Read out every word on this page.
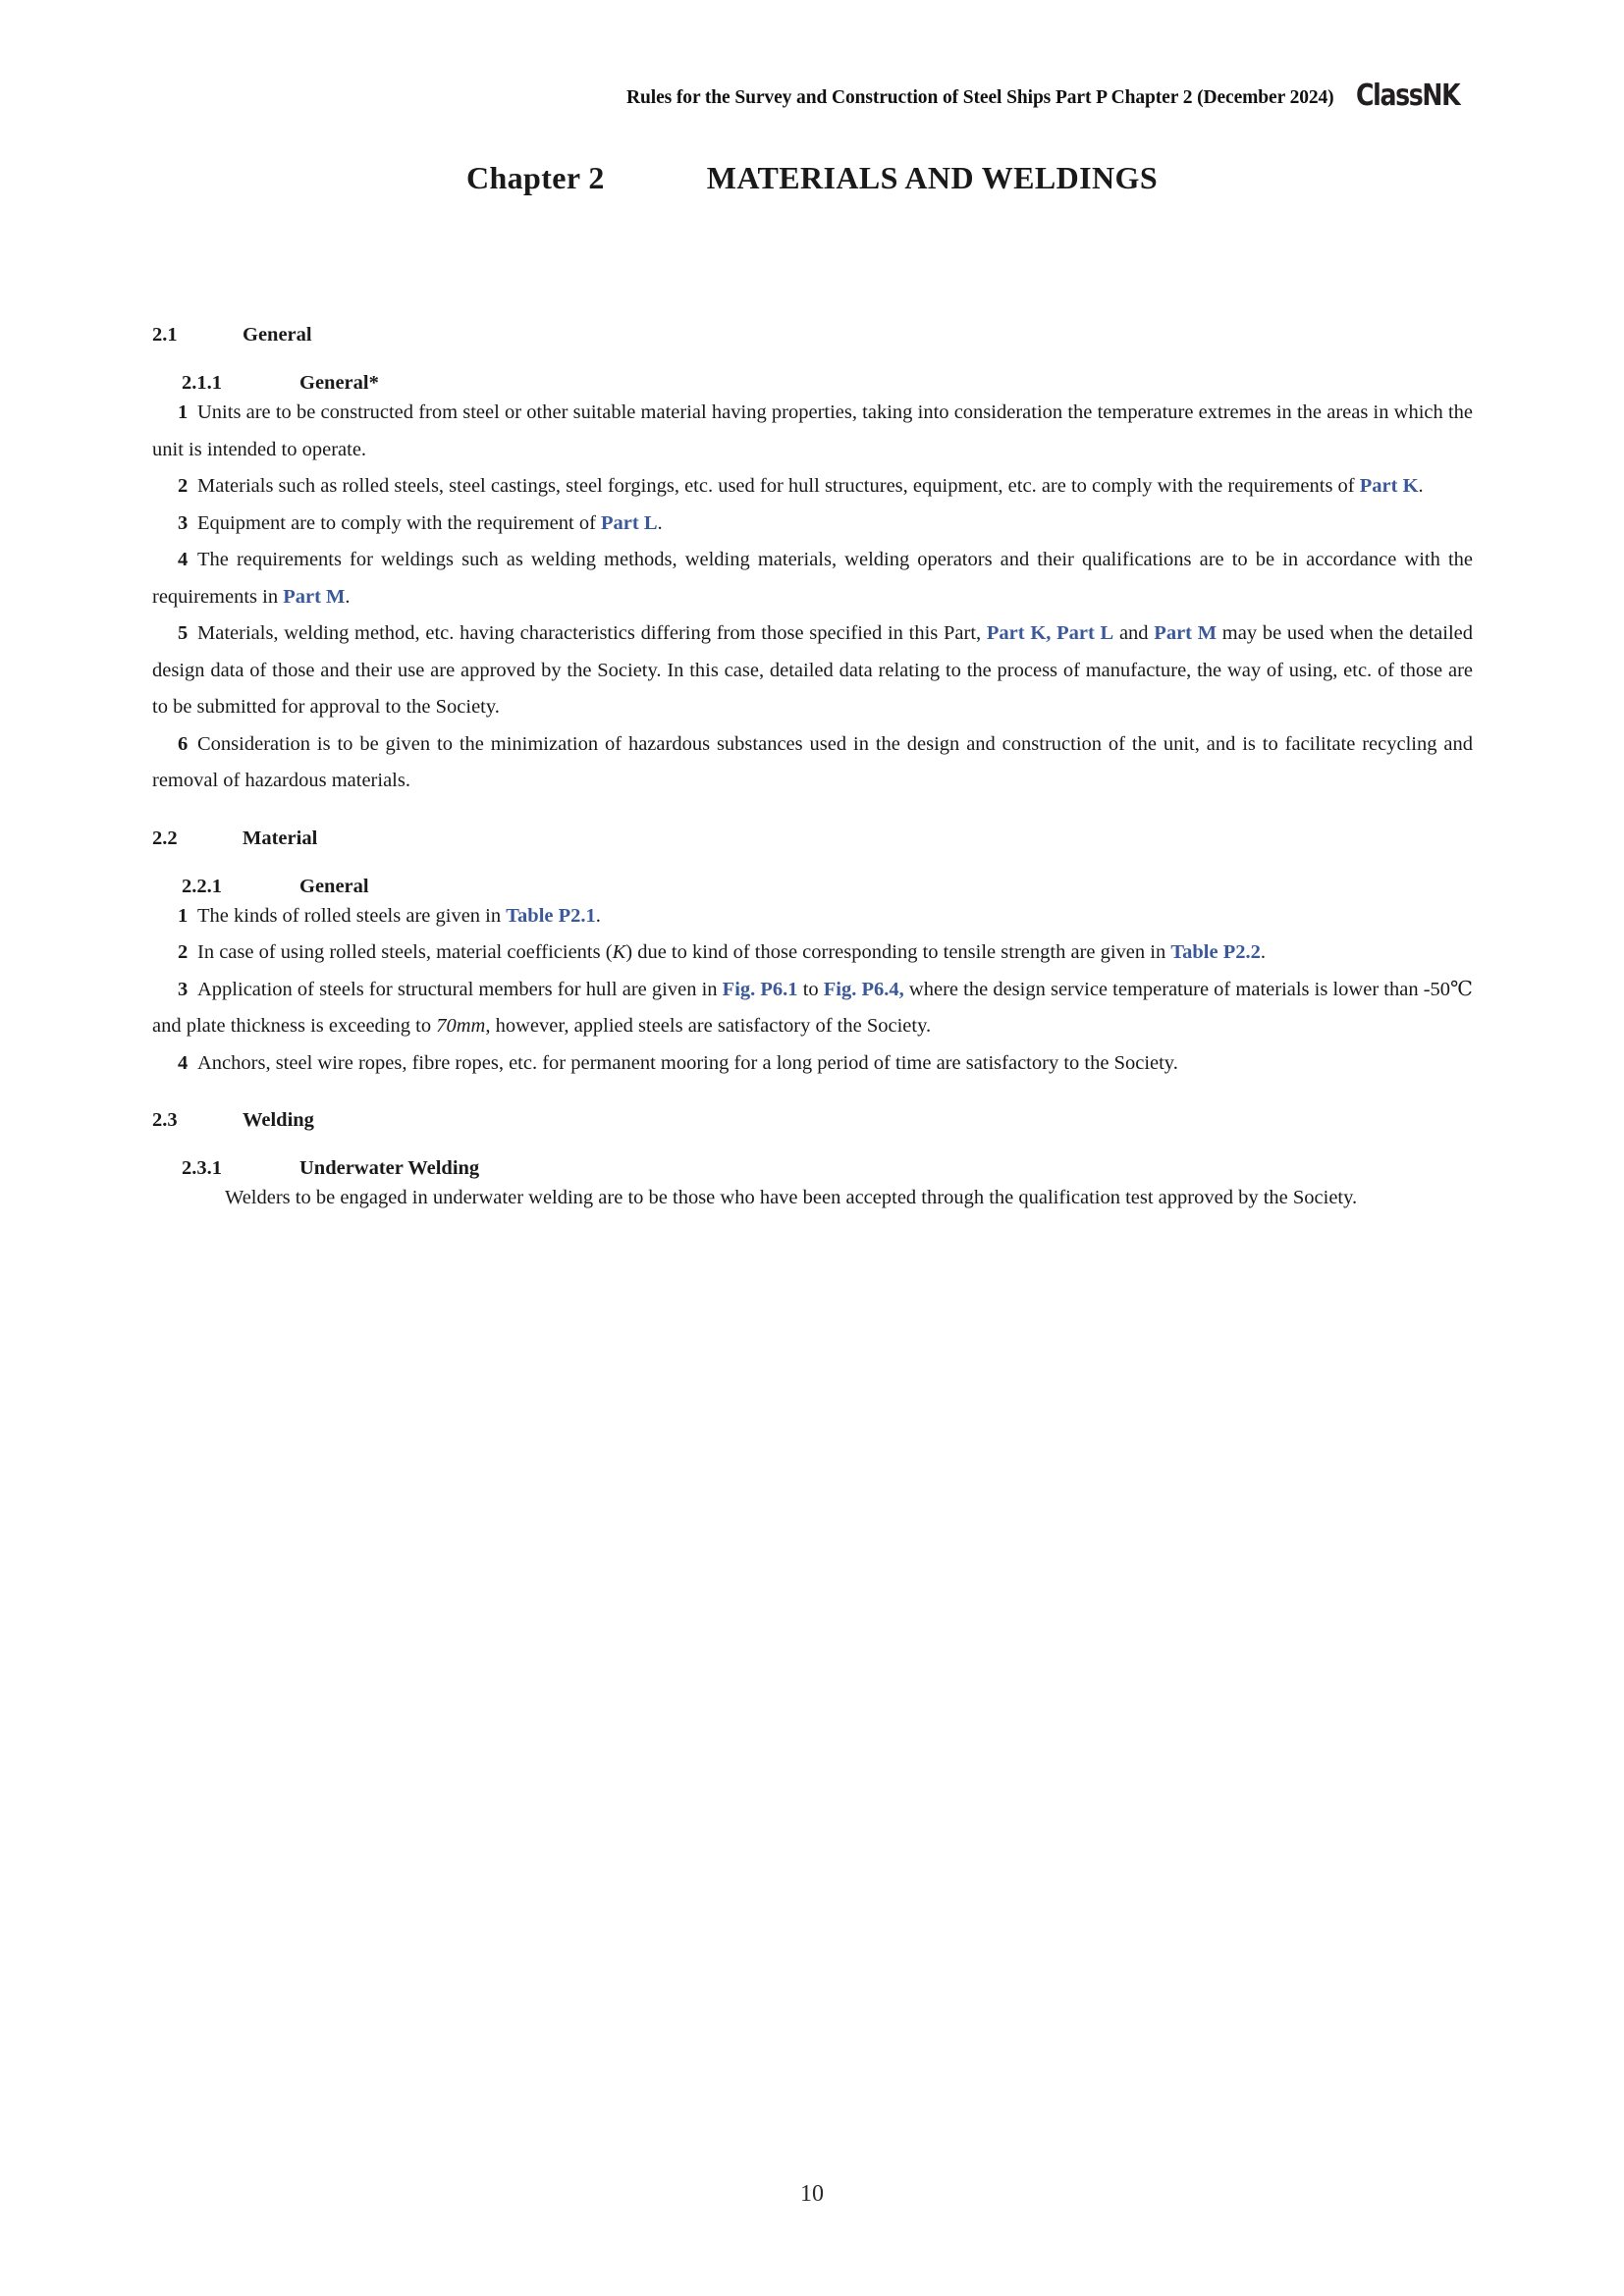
Rules for the Survey and Construction of Steel Ships Part P Chapter 2 (December 2024) ClassNK
Chapter 2	MATERIALS AND WELDINGS
2.1	General
2.1.1	General*

1 Units are to be constructed from steel or other suitable material having properties, taking into consideration the temperature extremes in the areas in which the unit is intended to operate.

2 Materials such as rolled steels, steel castings, steel forgings, etc. used for hull structures, equipment, etc. are to comply with the requirements of Part K.

3 Equipment are to comply with the requirement of Part L.

4 The requirements for weldings such as welding methods, welding materials, welding operators and their qualifications are to be in accordance with the requirements in Part M.

5 Materials, welding method, etc. having characteristics differing from those specified in this Part, Part K, Part L and Part M may be used when the detailed design data of those and their use are approved by the Society. In this case, detailed data relating to the process of manufacture, the way of using, etc. of those are to be submitted for approval to the Society.

6 Consideration is to be given to the minimization of hazardous substances used in the design and construction of the unit, and is to facilitate recycling and removal of hazardous materials.

2.2	Material
2.2.1	General

1 The kinds of rolled steels are given in Table P2.1.

2 In case of using rolled steels, material coefficients (K) due to kind of those corresponding to tensile strength are given in Table P2.2.

3 Application of steels for structural members for hull are given in Fig. P6.1 to Fig. P6.4, where the design service temperature of materials is lower than -50℃ and plate thickness is exceeding to 70mm, however, applied steels are satisfactory of the Society.

4 Anchors, steel wire ropes, fibre ropes, etc. for permanent mooring for a long period of time are satisfactory to the Society.

2.3	Welding
2.3.1	Underwater Welding

Welders to be engaged in underwater welding are to be those who have been accepted through the qualification test approved by the Society.

10
